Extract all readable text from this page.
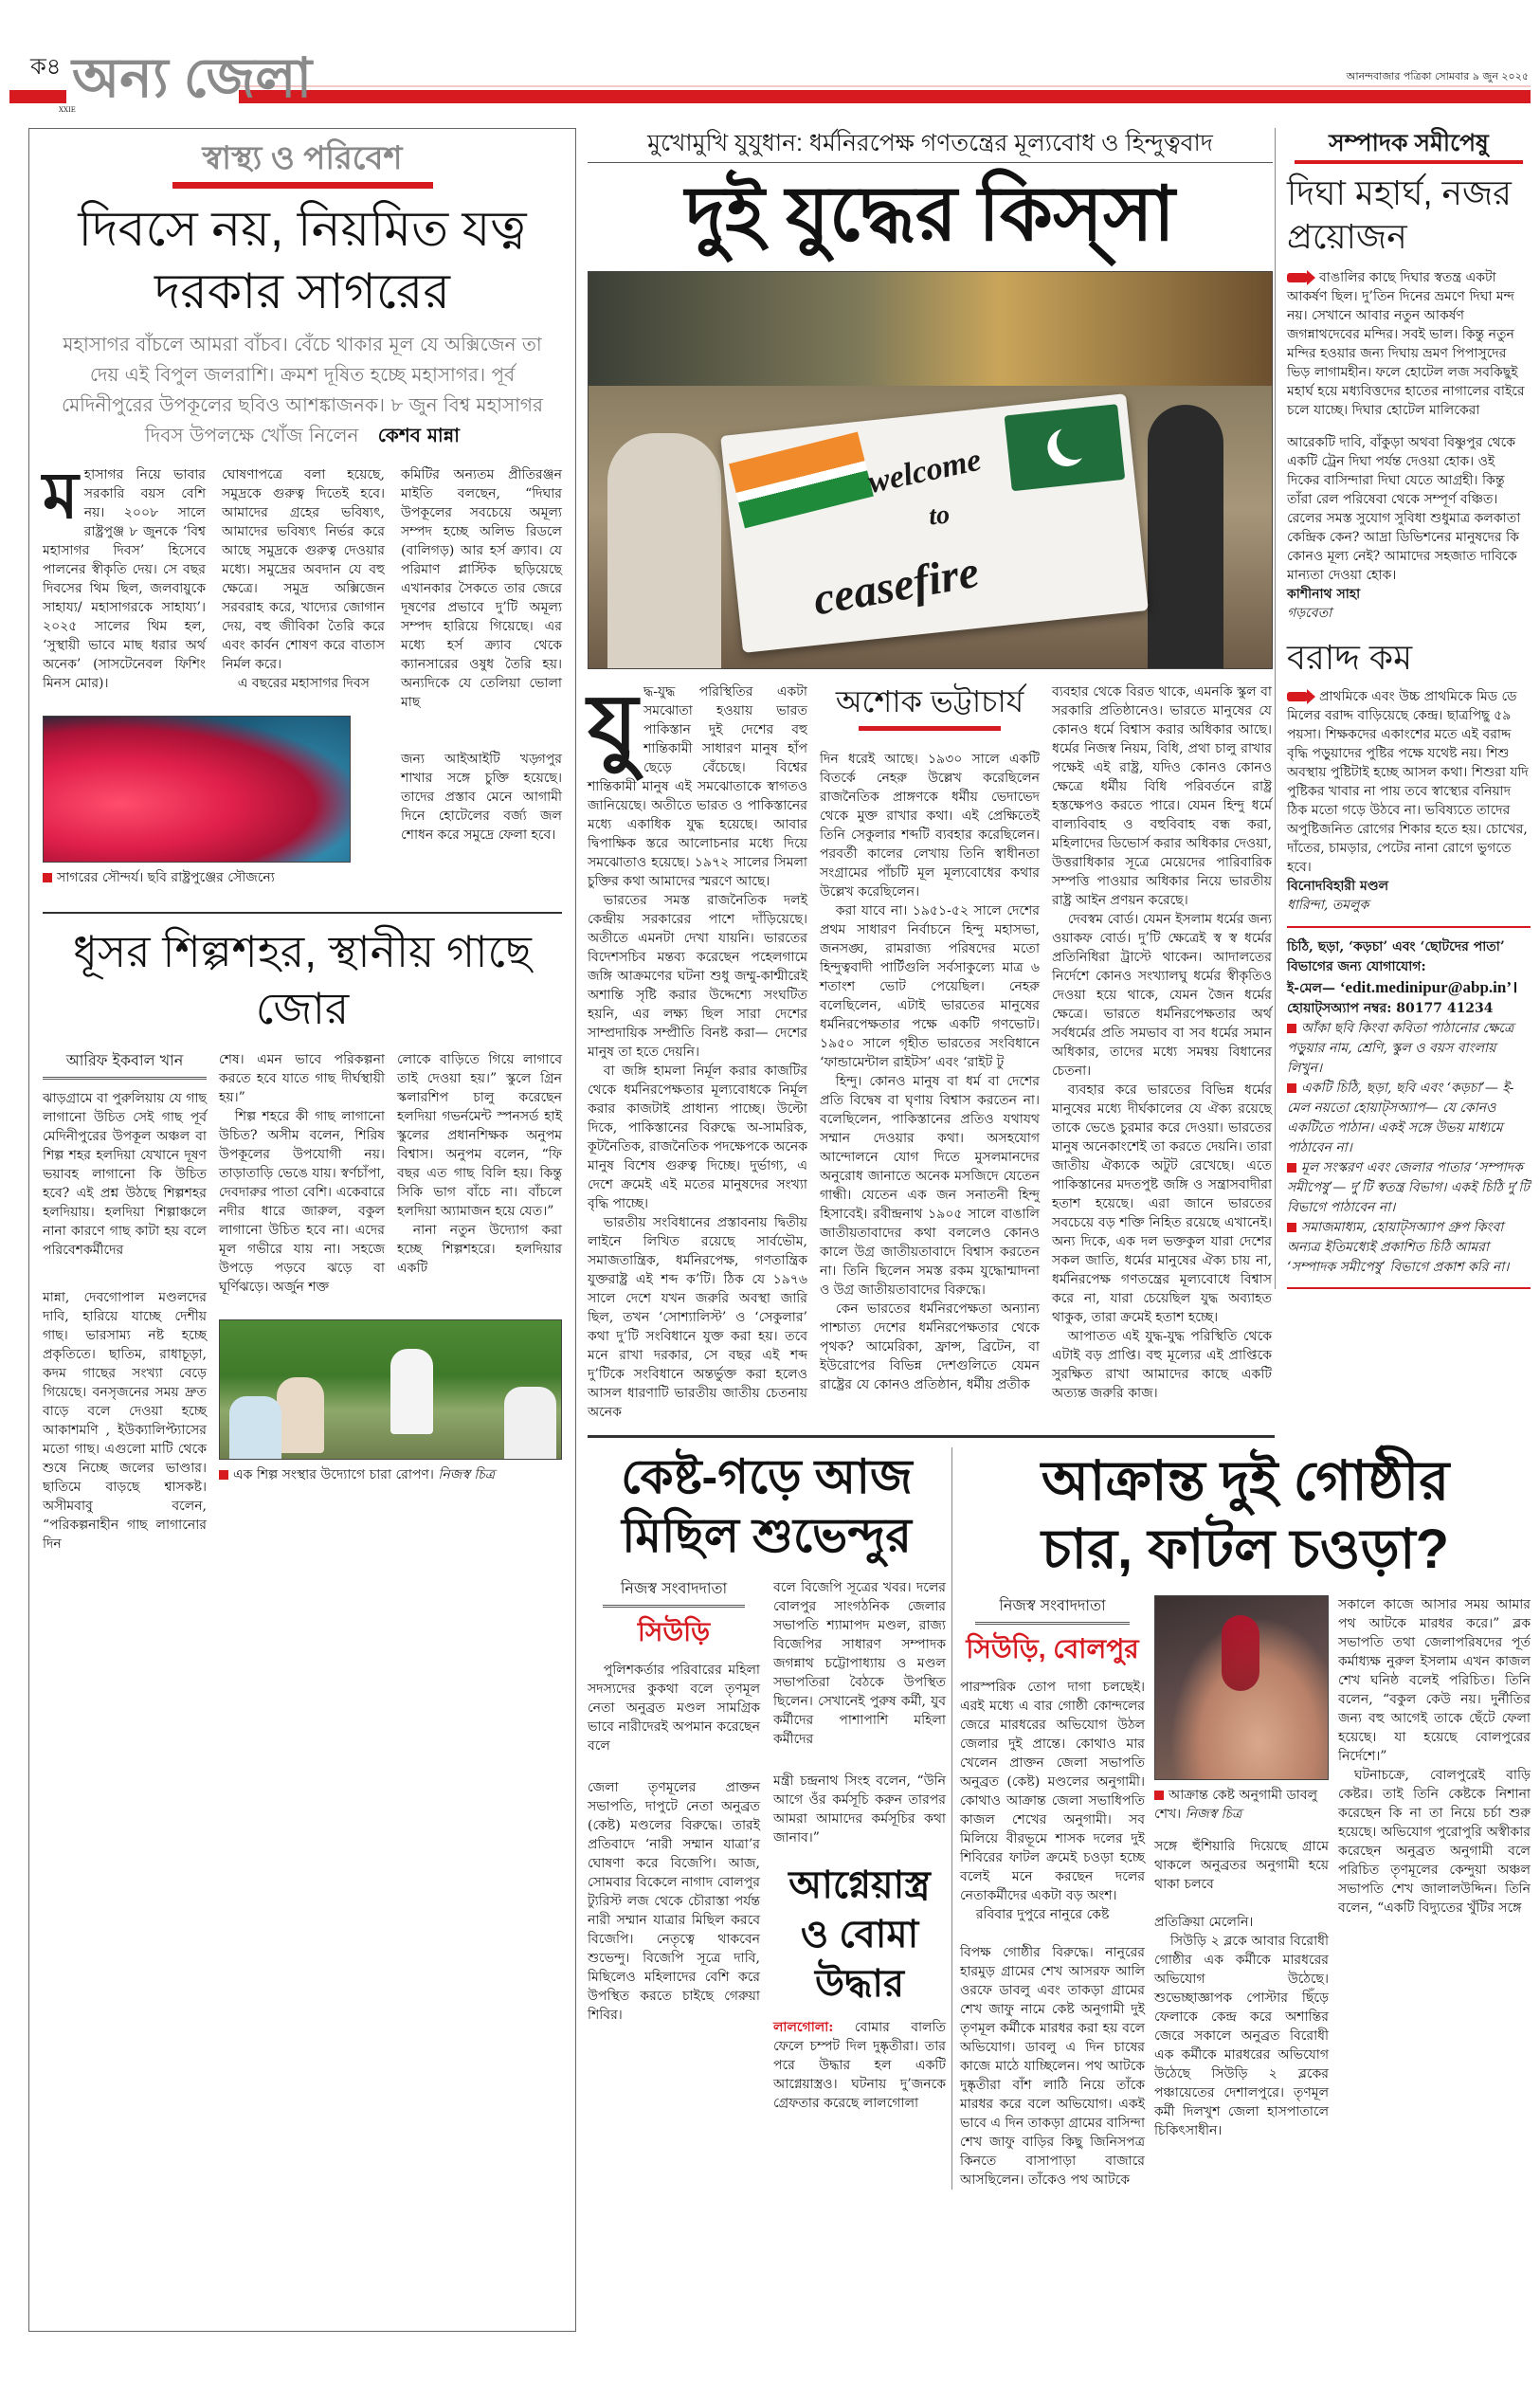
ক৪
XXIE
অন্য জেলা	আনন্দবাজার পত্রিকা সোমবার ৯ জুন ২০২৫
স্বাস্থ্য ও পরিবেশ
দিবসে নয়, নিয়মিত যত্ন
দরকার সাগরের
মহাসাগর বাঁচলে আমরা বাঁচব। বেঁচে থাকার মূল যে অক্সিজেন তা দেয় এই বিপুল জলরাশি। ক্রমশ দূষিত হচ্ছে মহাসাগর। পূর্ব মেদিনীপুরের উপকূলের ছবিও আশঙ্কাজনক। ৮ জুন বিশ্ব মহাসাগর দিবস উপলক্ষে খোঁজ নিলেন কেশব মান্না
ম হাসাগর নিয়ে ভাবার সরকারি বয়স বেশি নয়। ২০০৮ সালে রাষ্ট্রপুঞ্জ ৮ জুনকে ‘বিশ্ব মহাসাগর দিবস’ হিসেবে পালনের স্বীকৃতি দেয়। সে বছর দিবসের থিম ছিল, জলবায়ুকে সাহায্য/ মহাসাগরকে সাহায্য’। ২০২৫ সালের থিম হল, ‘সুস্থায়ী ভাবে মাছ ধরার অর্থ অনেক’ (সাসটেনেবল ফিশিং মিনস মোর)।

ঘোষণাপত্রে বলা হয়েছে, সমুদ্রকে গুরুত্ব দিতেই হবে। আমাদের গ্রহের ভবিষ্যৎ, আমাদের ভবিষ্যৎ নির্ভর করে আছে সমুদ্রকে গুরুত্ব দেওয়ার মধ্যে। সমুদ্রের অবদান যে বহু ক্ষেত্রে। সমুদ্র অক্সিজেন সরবরাহ করে, খাদ্যের জোগান দেয়, বহু জীবিকা তৈরি করে এবং কার্বন শোষণ করে বাতাস নির্মল করে।

এ বছরের মহাসাগর দিবস

সাগরের সৌন্দর্য। ছবি রাষ্ট্রপুঞ্জের সৌজন্যে

কমিটির অন্যতম প্রীতিরঞ্জন মাইতি বলছেন, “দিঘার উপকূলের সবচেয়ে অমূল্য সম্পদ হচ্ছে অলিভ রিডলে (বালিগড়) আর হর্স ক্র্যাব। যে পরিমাণ প্লাস্টিক ছড়িয়েছে এখানকার সৈকতে তার জেরে দূষণের প্রভাবে দু’টি অমূল্য সম্পদ হারিয়ে গিয়েছে। এর মধ্যে হর্স ক্র্যাব থেকে ক্যানসারের ওষুধ তৈরি হয়। অন্যদিকে যে তেলিয়া ভোলা মাছ

জন্য আইআইটি খড়্গপুর শাখার সঙ্গে চুক্তি হয়েছে। তাদের প্রস্তাব মেনে আগামী দিনে হোটেলের বর্জ্য জল শোধন করে সমুদ্রে ফেলা হবে।

ধূসর শিল্পশহর, স্থানীয় গাছে জোর
আরিফ ইকবাল খান

ঝাড়গ্রামে বা পুরুলিয়ায় যে গাছ লাগানো উচিত সেই গাছ পূর্ব মেদিনীপুরের উপকূল অঞ্চল বা শিল্প শহর হলদিয়া যেখানে দূষণ ভয়াবহ লাগানো কি উচিত হবে? এই প্রশ্ন উঠছে শিল্পশহর হলদিয়ায়। হলদিয়া শিল্পাঞ্চলে নানা কারণে গাছ কাটা হয় বলে পরিবেশকর্মীদের

মান্না, দেবগোপাল মণ্ডলদের দাবি, হারিয়ে যাচ্ছে দেশীয় গাছ। ভারসাম্য নষ্ট হচ্ছে প্রকৃতিতে। ছাতিম, রাধাচূড়া, কদম গাছের সংখ্যা বেড়ে গিয়েছে। বনসৃজনের সময় দ্রুত বাড়ে বলে দেওয়া হচ্ছে আকাশমণি , ইউক্যালিপ্ট্যাসের মতো গাছ। এগুলো মাটি থেকে শুষে নিচ্ছে জলের ভাণ্ডার। ছাতিমে বাড়ছে শ্বাসকষ্ট। অসীমবাবু বলেন, “পরিকল্পনাহীন গাছ লাগানোর দিন

শেষ। এমন ভাবে পরিকল্পনা করতে হবে যাতে গাছ দীর্ঘস্থায়ী হয়।”

শিল্প শহরে কী গাছ লাগানো উচিত? অসীম বলেন, শিরিষ উপকূলের উপযোগী নয়। তাড়াতাড়ি ভেঙে যায়। স্বর্ণচাঁপা, দেবদারুর পাতা বেশি। একেবারে নদীর ধারে জারুল, বকুল লাগানো উচিত হবে না। এদের মূল গভীরে যায় না। সহজে উপড়ে পড়বে ঝড়ে বা ঘূর্ণিঝড়ে। অর্জুন শক্ত

লোকে বাড়িতে গিয়ে লাগাবে তাই দেওয়া হয়।” স্কুলে গ্রিন স্কলারশিপ চালু করেছেন হলদিয়া গভর্নমেন্ট স্পনসর্ড হাই স্কুলের প্রধানশিক্ষক অনুপম বিশ্বাস। অনুপম বলেন, “ফি বছর এত গাছ বিলি হয়। কিন্তু সিকি ভাগ বাঁচে না। বাঁচলে হলদিয়া অ্যামাজন হয়ে যেত।”

নানা নতুন উদ্যোগ করা হচ্ছে শিল্পশহরে। হলদিয়ার একটি

এক শিল্প সংস্থার উদ্যোগে চারা রোপণ। নিজস্ব চিত্র
মুখোমুখি যুযুধান: ধর্মনিরপেক্ষ গণতন্ত্রের মূল্যবোধ ও হিন্দুত্ববাদ
দুই যুদ্ধের কিস্‌সা
welcome
to
ceasefire
যু দ্ধ-যুদ্ধ পরিস্থিতির একটা সমঝোতা হওয়ায় ভারত পাকিস্তান দুই দেশের বহু শান্তিকামী সাধারণ মানুষ হাঁপ ছেড়ে বেঁচেছে। বিশ্বের শান্তিকামী মানুষ এই সমঝোতাকে স্বাগতও জানিয়েছে। অতীতে ভারত ও পাকিস্তানের মধ্যে একাধিক যুদ্ধ হয়েছে। আবার দ্বিপাক্ষিক স্তরে আলোচনার মধ্যে দিয়ে সমঝোতাও হয়েছে। ১৯৭২ সালের সিমলা চুক্তির কথা আমাদের স্মরণে আছে।

ভারতের সমস্ত রাজনৈতিক দলই কেন্দ্রীয় সরকারের পাশে দাঁড়িয়েছে। অতীতে এমনটা দেখা যায়নি। ভারতের বিদেশসচিব মন্তব্য করেছেন পহেলগামে জঙ্গি আক্রমণের ঘটনা শুধু জম্মু-কাশ্মীরেই অশান্তি সৃষ্টি করার উদ্দেশ্যে সংঘটিত হয়নি, এর লক্ষ্য ছিল সারা দেশের সাম্প্রদায়িক সম্প্রীতি বিনষ্ট করা— দেশের মানুষ তা হতে দেয়নি।

বা জঙ্গি হামলা নির্মূল করার কাজটির থেকে ধর্মনিরপেক্ষতার মূল্যবোধকে নির্মূল করার কাজটাই প্রাধান্য পাচ্ছে। উল্টো দিকে, পাকিস্তানের বিরুদ্ধে অ-সামরিক, কূটনৈতিক, রাজনৈতিক পদক্ষেপকে অনেক মানুষ বিশেষ গুরুত্ব দিচ্ছে। দুর্ভাগ্য, এ দেশে ক্রমেই এই মতের মানুষদের সংখ্যা বৃদ্ধি পাচ্ছে।

ভারতীয় সংবিধানের প্রস্তাবনায় দ্বিতীয় লাইনে লিখিত রয়েছে সার্বভৌম, সমাজতান্ত্রিক, ধর্মনিরপেক্ষ, গণতান্ত্রিক যুক্তরাষ্ট্র এই শব্দ ক’টি। ঠিক যে ১৯৭৬ সালে দেশে যখন জরুরি অবস্থা জারি ছিল, তখন ‘সোশ্যালিস্ট’ ও ‘সেকুলার’ কথা দু’টি সংবিধানে যুক্ত করা হয়। তবে মনে রাখা দরকার, সে বছর এই শব্দ দু’টিকে সংবিধানে অন্তর্ভুক্ত করা হলেও আসল ধারণাটি ভারতীয় জাতীয় চেতনায় অনেক

অশোক ভট্টাচার্য

দিন ধরেই আছে। ১৯৩০ সালে একটি বিতর্কে নেহরু উল্লেখ করেছিলেন রাজনৈতিক প্রাঙ্গণকে ধর্মীয় ভেদাভেদ থেকে মুক্ত রাখার কথা। এই প্রেক্ষিতেই তিনি সেকুলার শব্দটি ব্যবহার করেছিলেন। পরবর্তী কালের লেখায় তিনি স্বাধীনতা সংগ্রামের পাঁচটি মূল মূল্যবোধের কথার উল্লেখ করেছিলেন।

করা যাবে না। ১৯৫১-৫২ সালে দেশের প্রথম সাধারণ নির্বাচনে হিন্দু মহাসভা, জনসঙ্ঘ, রামরাজ্য পরিষদের মতো হিন্দুত্ববাদী পার্টিগুলি সর্বসাকুল্যে মাত্র ৬ শতাংশ ভোট পেয়েছিল। নেহরু বলেছিলেন, এটাই ভারতের মানুষের ধর্মনিরপেক্ষতার পক্ষে একটি গণভোট। ১৯৫০ সালে গৃহীত ভারতের সংবিধানে ‘ফান্ডামেন্টাল রাইটস’ এবং ‘রাইট টু

হিন্দু। কোনও মানুষ বা ধর্ম বা দেশের প্রতি বিদ্বেষ বা ঘৃণায় বিশ্বাস করতেন না। বলেছিলেন, পাকিস্তানের প্রতিও যথাযথ সম্মান দেওয়ার কথা। অসহযোগ আন্দোলনে যোগ দিতে মুসলমানদের অনুরোধ জানাতে অনেক মসজিদে যেতেন গান্ধী। যেতেন এক জন সনাতনী হিন্দু হিসাবেই। রবীন্দ্রনাথ ১৯০৫ সালে বাঙালি জাতীয়তাবাদের কথা বললেও কোনও কালে উগ্র জাতীয়তাবাদে বিশ্বাস করতেন না। তিনি ছিলেন সমস্ত রকম যুদ্ধোন্মাদনা ও উগ্র জাতীয়তাবাদের বিরুদ্ধে।

কেন ভারতের ধর্মনিরপেক্ষতা অন্যান্য পাশ্চাত্য দেশের ধর্মনিরপেক্ষতার থেকে পৃথক? আমেরিকা, ফ্রান্স, ব্রিটেন, বা ইউরোপের বিভিন্ন দেশগুলিতে যেমন রাষ্ট্রের যে কোনও প্রতিষ্ঠান, ধর্মীয় প্রতীক

ব্যবহার থেকে বিরত থাকে, এমনকি স্কুল বা সরকারি প্রতিষ্ঠানেও। ভারতে মানুষের যে কোনও ধর্মে বিশ্বাস করার অধিকার আছে। ধর্মের নিজস্ব নিয়ম, বিধি, প্রথা চালু রাখার পক্ষেই এই রাষ্ট্র, যদিও কোনও কোনও ক্ষেত্রে ধর্মীয় বিধি পরিবর্তনে রাষ্ট্র হস্তক্ষেপও করতে পারে। যেমন হিন্দু ধর্মে বাল্যবিবাহ ও বহুবিবাহ বন্ধ করা, মহিলাদের ডিভোর্স করার অধিকার দেওয়া, উত্তরাধিকার সূত্রে মেয়েদের পারিবারিক সম্পত্তি পাওয়ার অধিকার নিয়ে ভারতীয় রাষ্ট্র আইন প্রণয়ন করেছে।

দেবস্বম বোর্ড। যেমন ইসলাম ধর্মের জন্য ওয়াকফ বোর্ড। দু’টি ক্ষেত্রেই স্ব স্ব ধর্মের প্রতিনিধিরা ট্রাস্টে থাকেন। আদালতের নির্দেশে কোনও সংখ্যালঘু ধর্মের স্বীকৃতিও দেওয়া হয়ে থাকে, যেমন জৈন ধর্মের ক্ষেত্রে। ভারতে ধর্মনিরপেক্ষতার অর্থ সর্বধর্মের প্রতি সমভাব বা সব ধর্মের সমান অধিকার, তাদের মধ্যে সমন্বয় বিধানের চেতনা।

ব্যবহার করে ভারতের বিভিন্ন ধর্মের মানুষের মধ্যে দীর্ঘকালের যে ঐক্য রয়েছে তাকে ভেঙে চুরমার করে দেওয়া। ভারতের মানুষ অনেকাংশেই তা করতে দেয়নি। তারা জাতীয় ঐক্যকে অটুট রেখেছে। এতে পাকিস্তানের মদতপুষ্ট জঙ্গি ও সন্ত্রাসবাদীরা হতাশ হয়েছে। এরা জানে ভারতের সবচেয়ে বড় শক্তি নিহিত রয়েছে এখানেই। অন্য দিকে, এক দল ভক্তকুল যারা দেশের সকল জাতি, ধর্মের মানুষের ঐক্য চায় না, ধর্মনিরপেক্ষ গণতন্ত্রের মূল্যবোধে বিশ্বাস করে না, যারা চেয়েছিল যুদ্ধ অব্যাহত থাকুক, তারা ক্রমেই হতাশ হচ্ছে।

আপাতত এই যুদ্ধ-যুদ্ধ পরিস্থিতি থেকে এটাই বড় প্রাপ্তি। বহু মূল্যের এই প্রাপ্তিকে সুরক্ষিত রাখা আমাদের কাছে একটি অত্যন্ত জরুরি কাজ।

সম্পাদক সমীপেষু
দিঘা মহার্ঘ, নজর প্রয়োজন

বাঙালির কাছে দিঘার স্বতন্ত্র একটা আকর্ষণ ছিল। দু’তিন দিনের ভ্রমণে দিঘা মন্দ নয়। সেখানে আবার নতুন আকর্ষণ জগন্নাথদেবের মন্দির। সবই ভাল। কিন্তু নতুন মন্দির হওয়ার জন্য দিঘায় ভ্রমণ পিপাসুদের ভিড় লাগামহীন। ফলে হোটেল লজ সবকিছুই মহার্ঘ হয়ে মধ্যবিত্তদের হাতের নাগালের বাইরে চলে যাচ্ছে। দিঘার হোটেল মালিকেরা

আরেকটি দাবি, বাঁকুড়া অথবা বিষ্ণুপুর থেকে একটি ট্রেন দিঘা পর্যন্ত দেওয়া হোক। ওই দিকের বাসিন্দারা দিঘা যেতে আগ্রহী। কিন্তু তাঁরা রেল পরিষেবা থেকে সম্পূর্ণ বঞ্চিত। রেলের সমস্ত সুযোগ সুবিধা শুধুমাত্র কলকাতা কেন্দ্রিক কেন? আদ্রা ডিভিশনের মানুষদের কি কোনও মূল্য নেই? আমাদের সহজাত দাবিকে মান্যতা দেওয়া হোক।

কাশীনাথ সাহা
গড়বেতা
বরাদ্দ কম

প্রাথমিকে এবং উচ্চ প্রাথমিকে মিড ডে মিলের বরাদ্দ বাড়িয়েছে কেন্দ্র। ছাত্রপিছু ৫৯ পয়সা। শিক্ষকদের একাংশের মতে এই বরাদ্দ বৃদ্ধি পড়ুয়াদের পুষ্টির পক্ষে যথেষ্ট নয়। শিশু অবস্থায় পুষ্টিটাই হচ্ছে আসল কথা। শিশুরা যদি পুষ্টিকর খাবার না পায় তবে স্বাস্থ্যের বনিয়াদ ঠিক মতো গড়ে উঠবে না। ভবিষ্যতে তাদের অপুষ্টিজনিত রোগের শিকার হতে হয়। চোখের, দাঁতের, চামড়ার, পেটের নানা রোগে ভুগতে হবে।

বিনোদবিহারী মণ্ডল
ধারিন্দা, তমলুক
চিঠি, ছড়া, ‘কড়চা’ এবং ‘ছোটদের পাতা’ বিভাগের জন্য যোগাযোগ:
ই-মেল— ‘edit.medinipur@abp.in’।
হোয়াট্‌সঅ্যাপ নম্বর: 80177 41234
আঁকা ছবি কিংবা কবিতা পাঠানোর ক্ষেত্রে পড়ুয়ার নাম, শ্রেণি, স্কুল ও বয়স বাংলায় লিখুন।
একটি চিঠি, ছড়া, ছবি এবং ‘কড়চা’— ই-মেল নয়তো হোয়াট্‌সঅ্যাপ— যে কোনও একটিতে পাঠান। একই সঙ্গে উভয় মাধ্যমে পাঠাবেন না।
মূল সংস্করণ এবং জেলার পাতার ‘সম্পাদক সমীপেষু’— দু’টি স্বতন্ত্র বিভাগ। একই চিঠি দু’টি বিভাগে পাঠাবেন না।
সমাজমাধ্যম, হোয়াট্‌সঅ্যাপ গ্রুপ কিংবা অন্যত্র ইতিমধ্যেই প্রকাশিত চিঠি আমরা ‘সম্পাদক সমীপেষু’ বিভাগে প্রকাশ করি না।
কেষ্ট-গড়ে আজ মিছিল শুভেন্দুর
নিজস্ব সংবাদদাতা
সিউড়ি

পুলিশকর্তার পরিবারের মহিলা সদস্যদের কুকথা বলে তৃণমূল নেতা অনুব্রত মণ্ডল সামগ্রিক ভাবে নারীদেরই অপমান করেছেন বলে

জেলা তৃণমূলের প্রাক্তন সভাপতি, দাপুটে নেতা অনুব্রত (কেষ্ট) মণ্ডলের বিরুদ্ধে। তারই প্রতিবাদে ‘নারী সম্মান যাত্রা’র ঘোষণা করে বিজেপি। আজ, সোমবার বিকেলে নাগাদ বোলপুর ট্যুরিস্ট লজ থেকে চৌরাস্তা পর্যন্ত নারী সম্মান যাত্রার মিছিল করবে বিজেপি। নেতৃত্বে থাকবেন শুভেন্দু। বিজেপি সূত্রে দাবি, মিছিলেও মহিলাদের বেশি করে উপস্থিত করতে চাইছে গেরুয়া শিবির।

বলে বিজেপি সূত্রের খবর। দলের বোলপুর সাংগঠনিক জেলার সভাপতি শ্যামাপদ মণ্ডল, রাজ্য বিজেপির সাধারণ সম্পাদক জগন্নাথ চট্টোপাধ্যায় ও মণ্ডল সভাপতিরা বৈঠকে উপস্থিত ছিলেন। সেখানেই পুরুষ কর্মী, যুব কর্মীদের পাশাপাশি মহিলা কর্মীদের

মন্ত্রী চন্দ্রনাথ সিংহ বলেন, “উনি আগে ওঁর কর্মসূচি করুন তারপর আমরা আমাদের কর্মসূচির কথা জানাব।”

আগ্নেয়াস্ত্র ও বোমা উদ্ধার

লালগোলা: বোমার বালতি ফেলে চম্পট দিল দুষ্কৃতীরা। তার পরে উদ্ধার হল একটি আগ্নেয়াস্ত্রও। ঘটনায় দু’জনকে গ্রেফতার করেছে লালগোলা

আক্রান্ত দুই গোষ্ঠীর
চার, ফাটল চওড়া?
নিজস্ব সংবাদদাতা
সিউড়ি, বোলপুর

পারস্পরিক তোপ দাগা চলছেই। এরই মধ্যে এ বার গোষ্ঠী কোন্দলের জেরে মারধরের অভিযোগ উঠল জেলার দুই প্রান্তে। কোথাও মার খেলেন প্রাক্তন জেলা সভাপতি অনুব্রত (কেষ্ট) মণ্ডলের অনুগামী। কোথাও আক্রান্ত জেলা সভাধিপতি কাজল শেখের অনুগামী। সব মিলিয়ে বীরভূমে শাসক দলের দুই শিবিরের ফাটল ক্রমেই চওড়া হচ্ছে বলেই মনে করছেন দলের নেতাকর্মীদের একটা বড় অংশ।

রবিবার দুপুরে নানুরে কেষ্ট

বিপক্ষ গোষ্ঠীর বিরুদ্ধে। নানুরের হারমুড় গ্রামের শেখ আসরফ আলি ওরফে ডাবলু এবং তাকড়া গ্রামের শেখ জাফু নামে কেষ্ট অনুগামী দুই তৃণমূল কর্মীকে মারধর করা হয় বলে অভিযোগ। ডাবলু এ দিন চাষের কাজে মাঠে যাচ্ছিলেন। পথ আটকে দুষ্কৃতীরা বাঁশ লাঠি নিয়ে তাঁকে মারধর করে বলে অভিযোগ। একই ভাবে এ দিন তাকড়া গ্রামের বাসিন্দা শেখ জাফু বাড়ির কিছু জিনিসপত্র কিনতে বাসাপাড়া বাজারে আসছিলেন। তাঁকেও পথ আটকে

আক্রান্ত কেষ্ট অনুগামী ডাবলু শেখ। নিজস্ব চিত্র

সঙ্গে হুঁশিয়ারি দিয়েছে গ্রামে থাকলে অনুব্রতর অনুগামী হয়ে থাকা চলবে

প্রতিক্রিয়া মেলেনি।

সিউড়ি ২ ব্লকে আবার বিরোধী গোষ্ঠীর এক কর্মীকে মারধরের অভিযোগ উঠেছে। শুভেচ্ছাজ্ঞাপক পোস্টার ছিঁড়ে ফেলাকে কেন্দ্র করে অশান্তির জেরে সকালে অনুব্রত বিরোধী এক কর্মীকে মারধরের অভিযোগ উঠেছে সিউড়ি ২ ব্লকের পঞ্চায়েতের দেশালপুরে। তৃণমূল কর্মী দিলখুশ জেলা হাসপাতালে চিকিৎসাধীন।

সকালে কাজে আসার সময় আমার পথ আটকে মারধর করে।” ব্লক সভাপতি তথা জেলাপরিষদের পূর্ত কর্মাধ্যক্ষ নুরুল ইসলাম এখন কাজল শেখ ঘনিষ্ঠ বলেই পরিচিত। তিনি বলেন, “বকুল কেউ নয়। দুর্নীতির জন্য বহু আগেই তাকে ছেঁটে ফেলা হয়েছে। যা হয়েছে বোলপুরের নির্দেশে।”

ঘটনাচক্রে, বোলপুরেই বাড়ি কেষ্টর। তাই তিনি কেষ্টকে নিশানা করেছেন কি না তা নিয়ে চর্চা শুরু হয়েছে। অভিযোগ পুরোপুরি অস্বীকার করেছেন অনুব্রত অনুগামী বলে পরিচিত তৃণমূলের কেন্দুয়া অঞ্চল সভাপতি শেখ জালালউদ্দিন। তিনি বলেন, “একটি বিদ্যুতের খুঁটির সঙ্গে
